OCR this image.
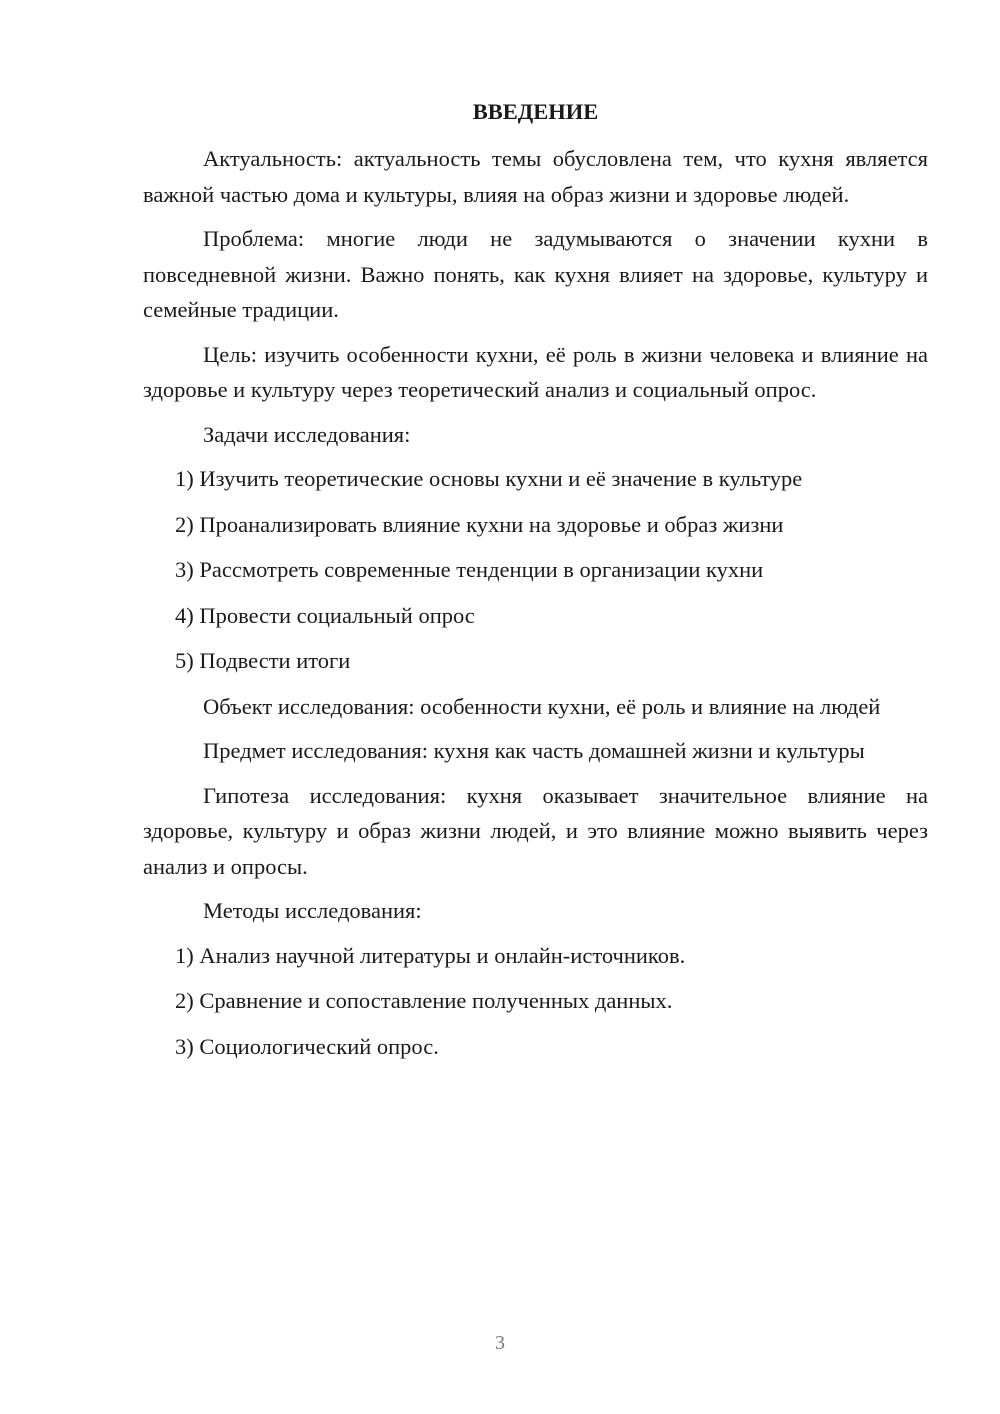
ВВЕДЕНИЕ

Актуальность: актуальность темы обусловлена тем, что кухня является важной частью дома и культуры, влияя на образ жизни и здоровье людей.

Проблема: многие люди не задумываются о значении кухни в повседневной жизни. Важно понять, как кухня влияет на здоровье, культуру и семейные традиции.

Цель: изучить особенности кухни, её роль в жизни человека и влияние на здоровье и культуру через теоретический анализ и социальный опрос.

Задачи исследования:

1) Изучить теоретические основы кухни и её значение в культуре
2) Проанализировать влияние кухни на здоровье и образ жизни
3) Рассмотреть современные тенденции в организации кухни
4) Провести социальный опрос
5) Подвести итоги

Объект исследования: особенности кухни, её роль и влияние на людей

Предмет исследования: кухня как часть домашней жизни и культуры

Гипотеза исследования: кухня оказывает значительное влияние на здоровье, культуру и образ жизни людей, и это влияние можно выявить через анализ и опросы.

Методы исследования:

1) Анализ научной литературы и онлайн-источников.
2) Сравнение и сопоставление полученных данных.
3) Социологический опрос.
3
